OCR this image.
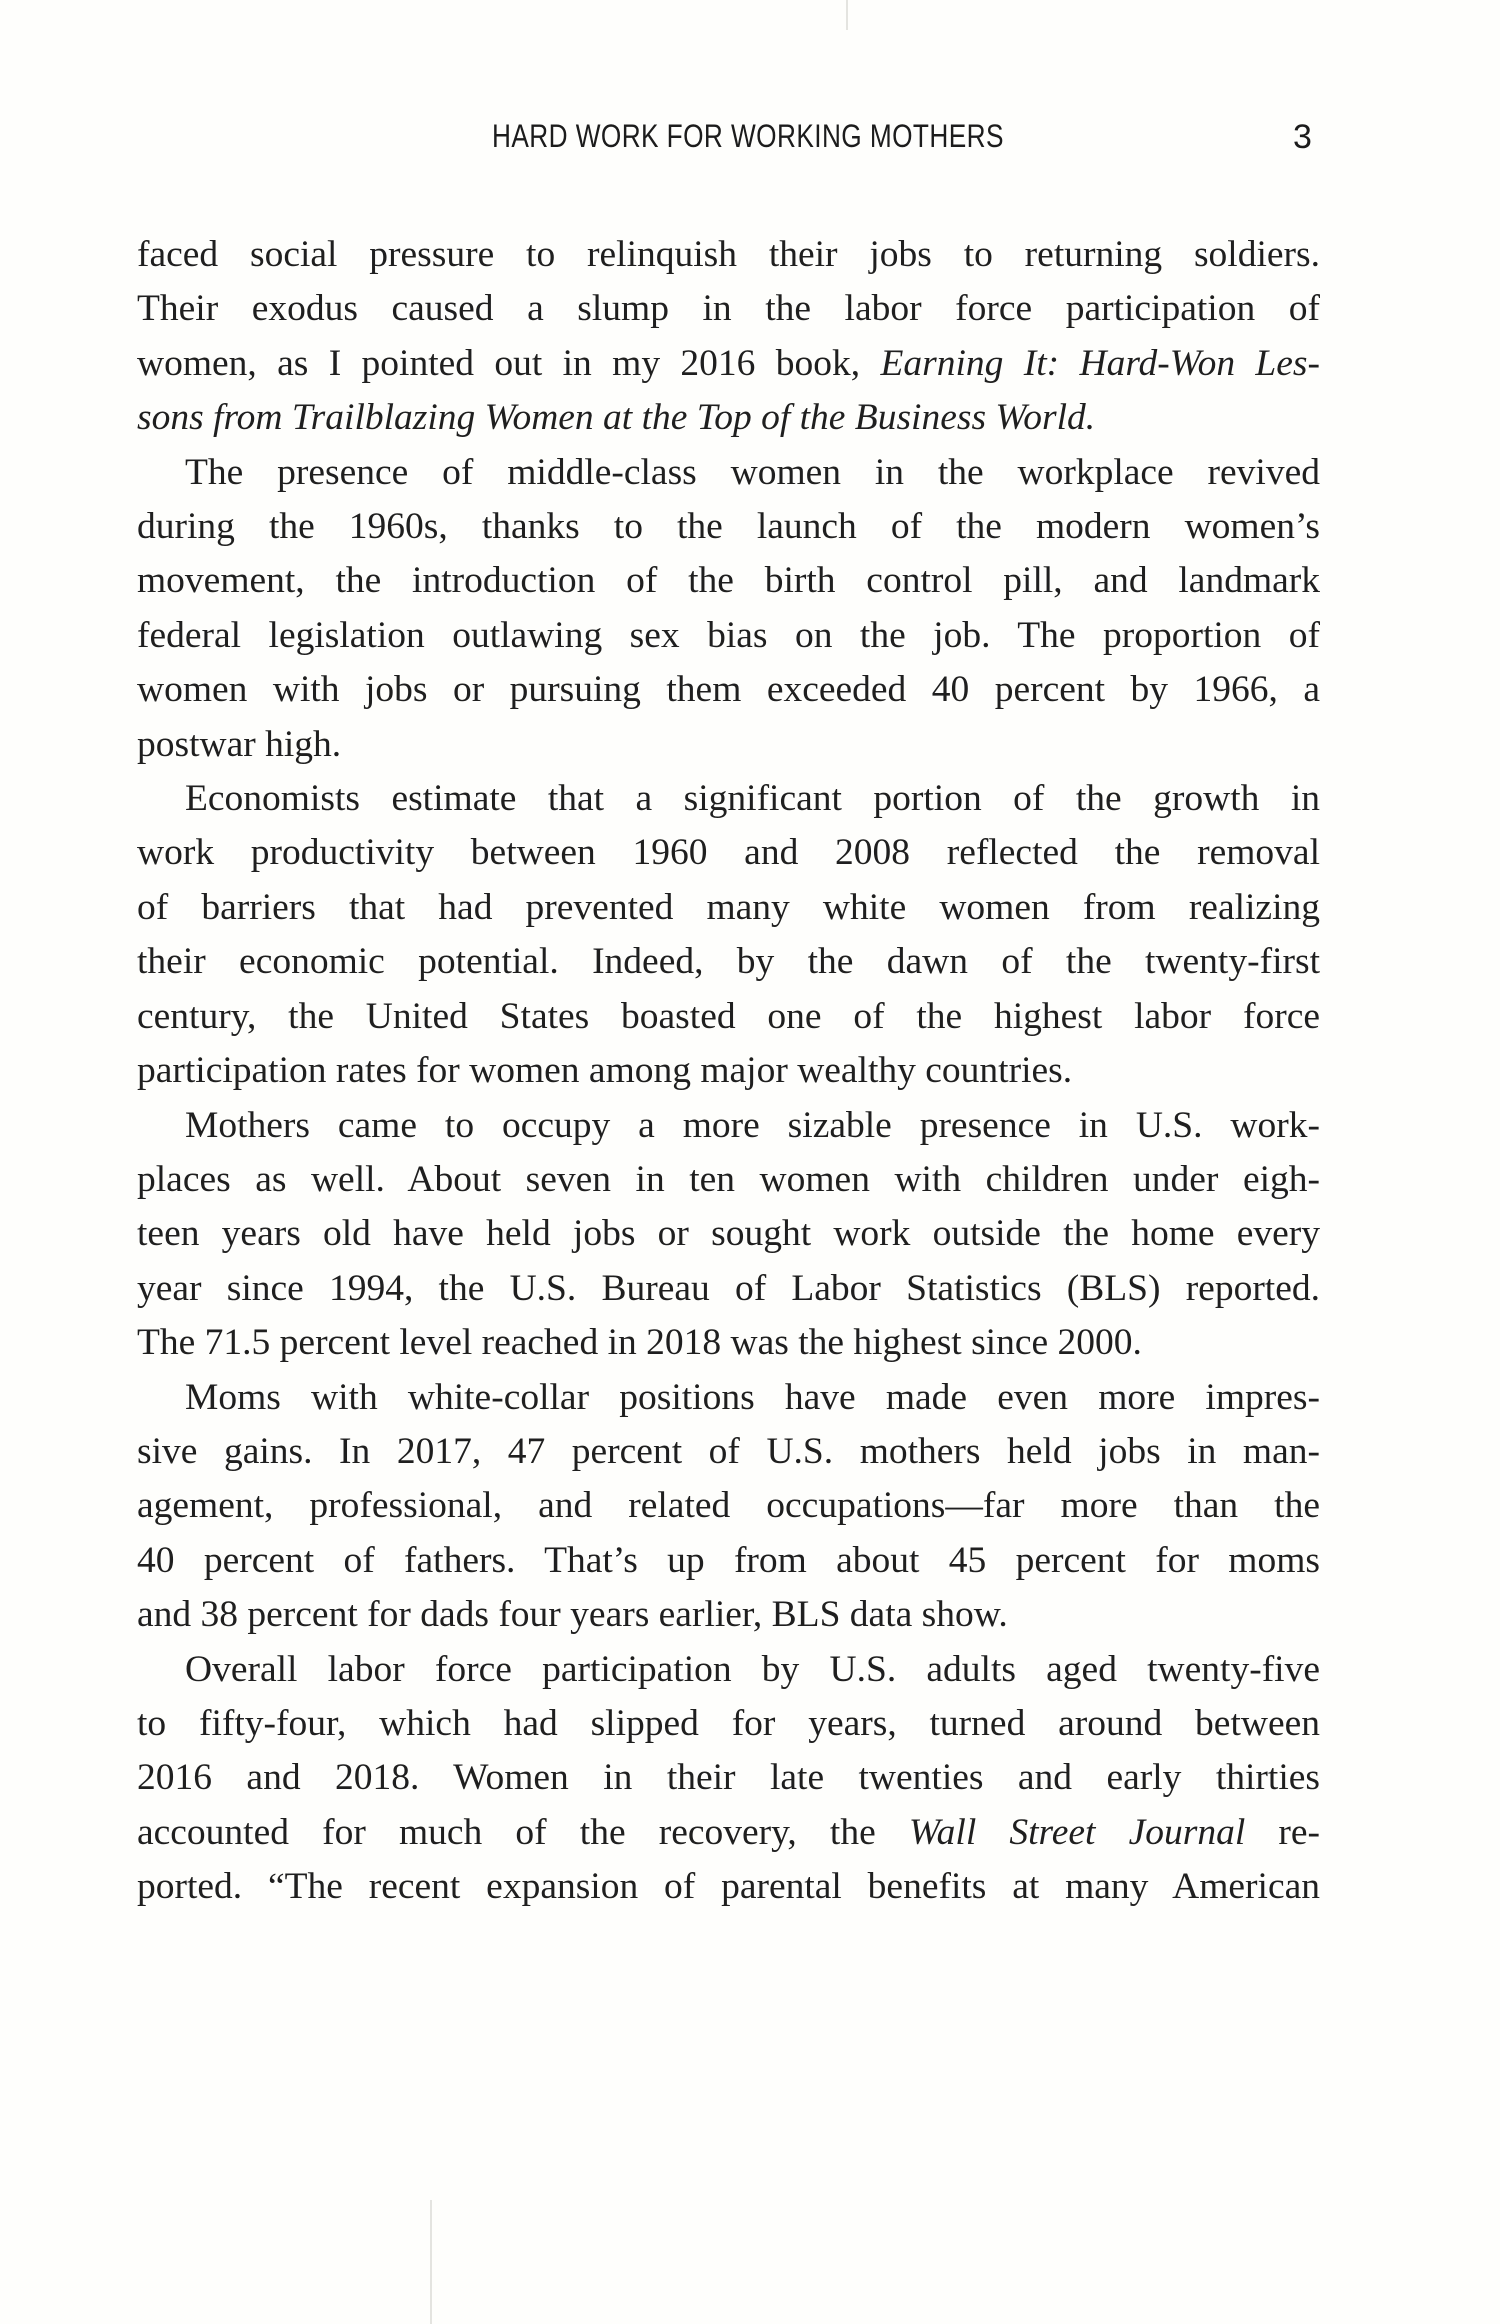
HARD WORK FOR WORKING MOTHERS	3
faced social pressure to relinquish their jobs to returning soldiers.
Their exodus caused a slump in the labor force participation of
women, as I pointed out in my 2016 book, Earning It: Hard-Won Les-
sons from Trailblazing Women at the Top of the Business World.
The presence of middle-class women in the workplace revived
during the 1960s, thanks to the launch of the modern women’s
movement, the introduction of the birth control pill, and landmark
federal legislation outlawing sex bias on the job. The proportion of
women with jobs or pursuing them exceeded 40 percent by 1966, a
postwar high.
Economists estimate that a significant portion of the growth in
work productivity between 1960 and 2008 reflected the removal
of barriers that had prevented many white women from realizing
their economic potential. Indeed, by the dawn of the twenty-first
century, the United States boasted one of the highest labor force
participation rates for women among major wealthy countries.
Mothers came to occupy a more sizable presence in U.S. work-
places as well. About seven in ten women with children under eigh-
teen years old have held jobs or sought work outside the home every
year since 1994, the U.S. Bureau of Labor Statistics (BLS) reported.
The 71.5 percent level reached in 2018 was the highest since 2000.
Moms with white-collar positions have made even more impres-
sive gains. In 2017, 47 percent of U.S. mothers held jobs in man-
agement, professional, and related occupations—far more than the
40 percent of fathers. That’s up from about 45 percent for moms
and 38 percent for dads four years earlier, BLS data show.
Overall labor force participation by U.S. adults aged twenty-five
to fifty-four, which had slipped for years, turned around between
2016 and 2018. Women in their late twenties and early thirties
accounted for much of the recovery, the Wall Street Journal re-
ported. “The recent expansion of parental benefits at many American
